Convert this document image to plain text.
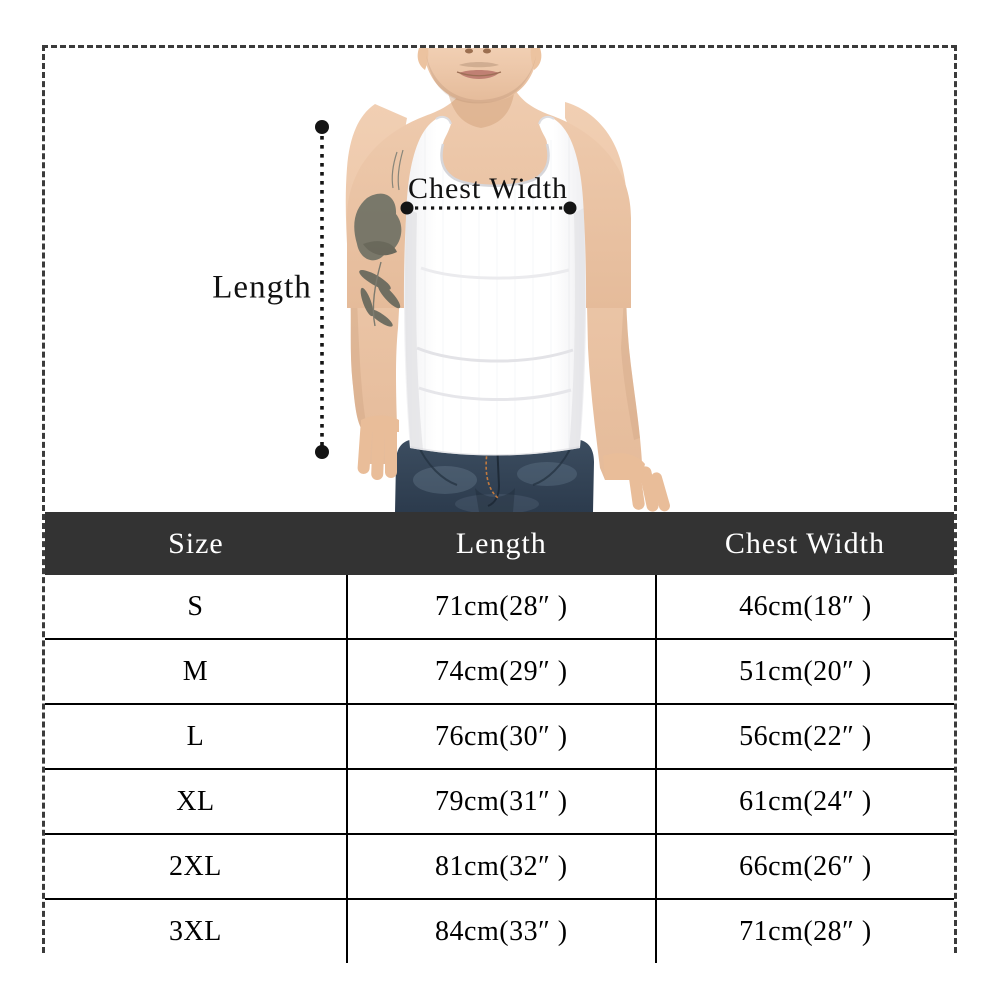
Length
Chest Width
Size	Length	Chest Width
S	71cm(28″ )	46cm(18″ )
M	74cm(29″ )	51cm(20″ )
L	76cm(30″ )	56cm(22″ )
XL	79cm(31″ )	61cm(24″ )
2XL	81cm(32″ )	66cm(26″ )
3XL	84cm(33″ )	71cm(28″ )
